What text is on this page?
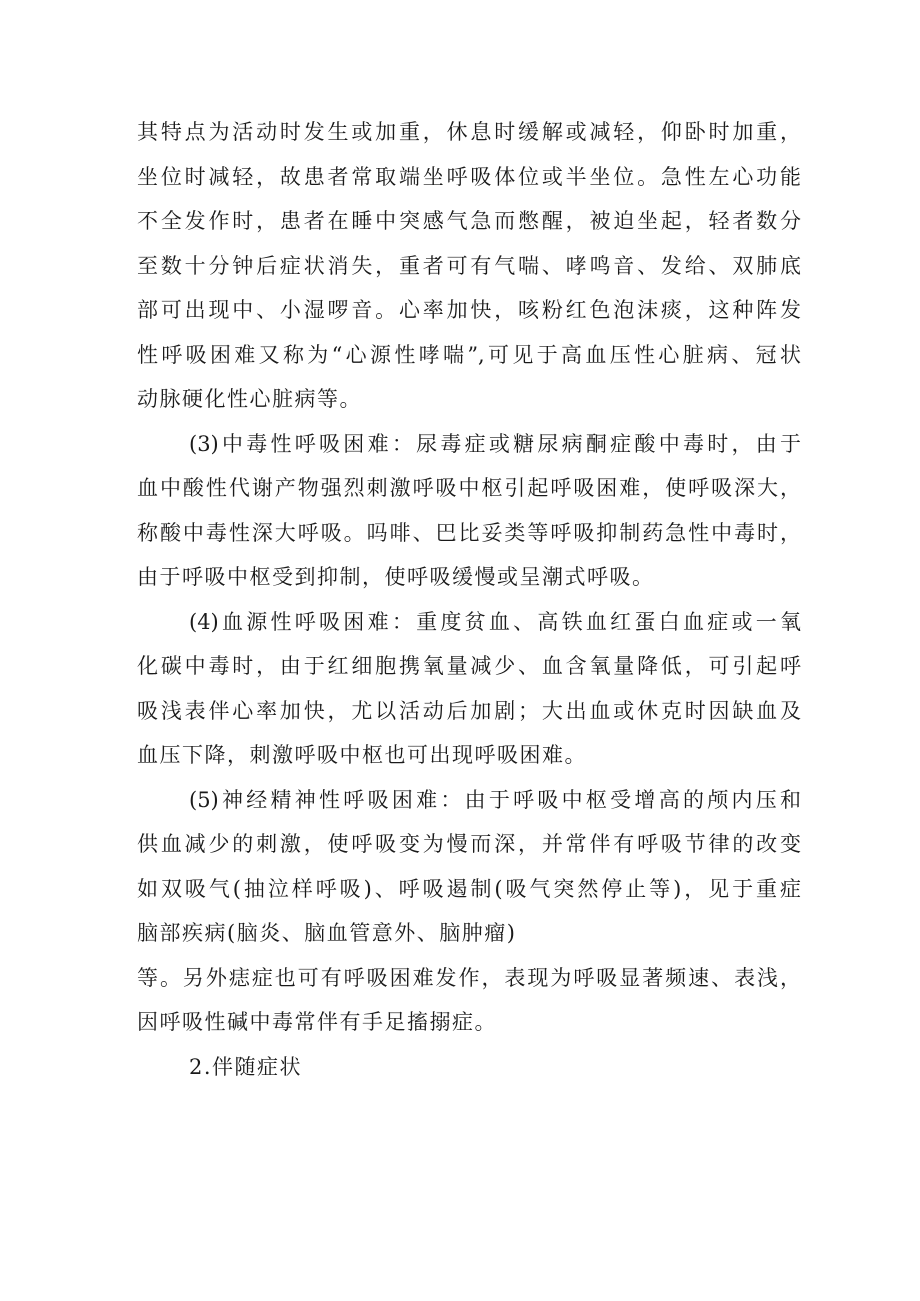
其特点为活动时发生或加重，休息时缓解或减轻，仰卧时加重，
坐位时减轻，故患者常取端坐呼吸体位或半坐位。急性左心功能
不全发作时，患者在睡中突感气急而憋醒，被迫坐起，轻者数分
至数十分钟后症状消失，重者可有气喘、哮鸣音、发给、双肺底
部可出现中、小湿啰音。心率加快，咳粉红色泡沫痰，这种阵发
性呼吸困难又称为“心源性哮喘”,可见于高血压性心脏病、冠状
动脉硬化性心脏病等。
(3)中毒性呼吸困难：尿毒症或糖尿病酮症酸中毒时，由于
血中酸性代谢产物强烈刺激呼吸中枢引起呼吸困难，使呼吸深大，
称酸中毒性深大呼吸。吗啡、巴比妥类等呼吸抑制药急性中毒时，
由于呼吸中枢受到抑制，使呼吸缓慢或呈潮式呼吸。
(4)血源性呼吸困难：重度贫血、高铁血红蛋白血症或一氧
化碳中毒时，由于红细胞携氧量减少、血含氧量降低，可引起呼
吸浅表伴心率加快，尤以活动后加剧；大出血或休克时因缺血及
血压下降，刺激呼吸中枢也可出现呼吸困难。
(5)神经精神性呼吸困难：由于呼吸中枢受增高的颅内压和
供血减少的刺激，使呼吸变为慢而深，并常伴有呼吸节律的改变
如双吸气(抽泣样呼吸)、呼吸遏制(吸气突然停止等)，见于重症
脑部疾病(脑炎、脑血管意外、脑肿瘤)
等。另外痣症也可有呼吸困难发作，表现为呼吸显著频速、表浅，
因呼吸性碱中毒常伴有手足搐搦症。
2.伴随症状
